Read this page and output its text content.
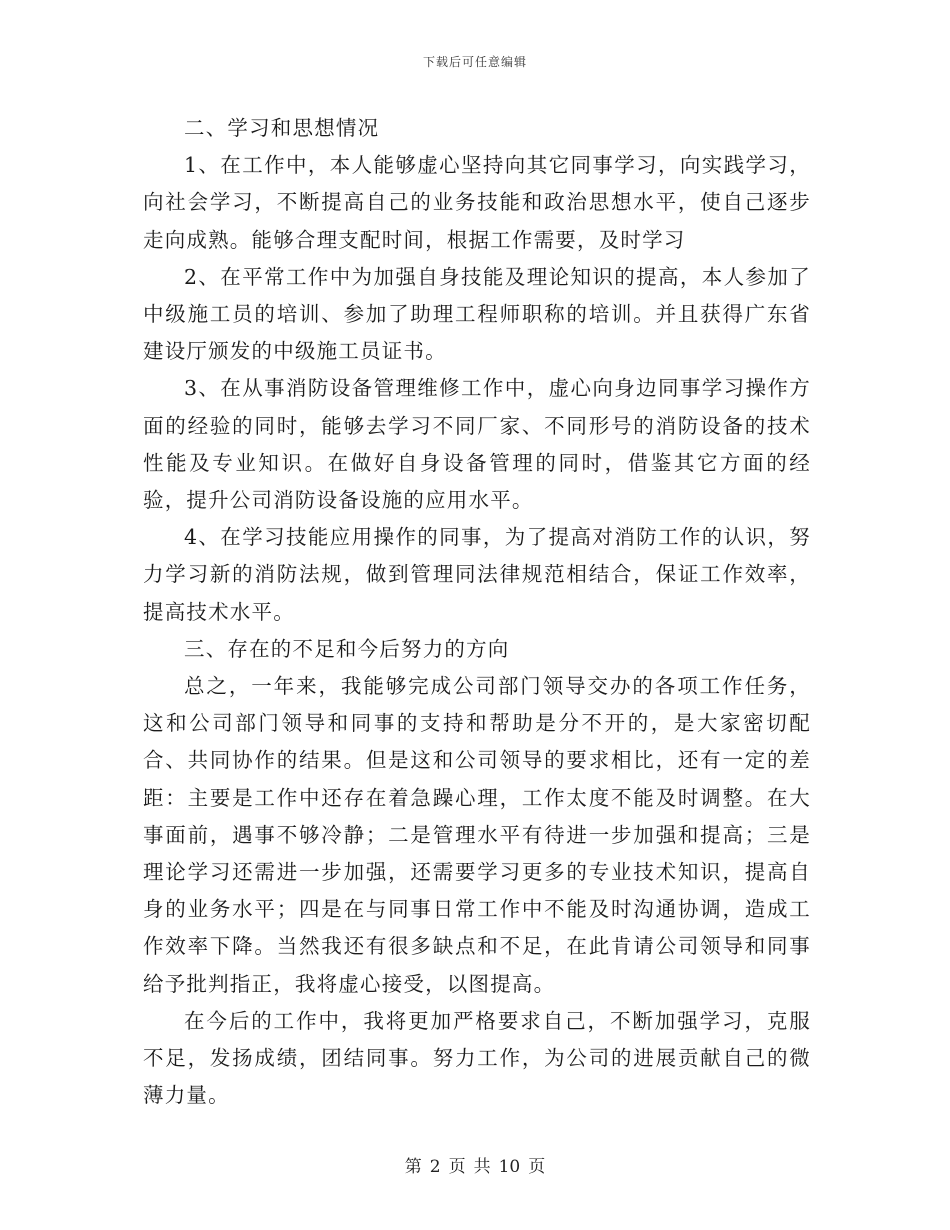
下载后可任意编辑

二、学习和思想情况

1、在工作中，本人能够虚心坚持向其它同事学习，向实践学习，向社会学习，不断提高自己的业务技能和政治思想水平，使自己逐步走向成熟。能够合理支配时间，根据工作需要，及时学习

2、在平常工作中为加强自身技能及理论知识的提高，本人参加了中级施工员的培训、参加了助理工程师职称的培训。并且获得广东省建设厅颁发的中级施工员证书。

3、在从事消防设备管理维修工作中，虚心向身边同事学习操作方面的经验的同时，能够去学习不同厂家、不同形号的消防设备的技术性能及专业知识。在做好自身设备管理的同时，借鉴其它方面的经验，提升公司消防设备设施的应用水平。

4、在学习技能应用操作的同事，为了提高对消防工作的认识，努力学习新的消防法规，做到管理同法律规范相结合，保证工作效率，提高技术水平。

三、存在的不足和今后努力的方向

总之，一年来，我能够完成公司部门领导交办的各项工作任务，这和公司部门领导和同事的支持和帮助是分不开的，是大家密切配合、共同协作的结果。但是这和公司领导的要求相比，还有一定的差距：主要是工作中还存在着急躁心理，工作太度不能及时调整。在大事面前，遇事不够冷静；二是管理水平有待进一步加强和提高；三是理论学习还需进一步加强，还需要学习更多的专业技术知识，提高自身的业务水平；四是在与同事日常工作中不能及时沟通协调，造成工作效率下降。当然我还有很多缺点和不足，在此肯请公司领导和同事给予批判指正，我将虚心接受，以图提高。

在今后的工作中，我将更加严格要求自己，不断加强学习，克服不足，发扬成绩，团结同事。努力工作，为公司的进展贡献自己的微薄力量。

第 2 页 共 10 页
